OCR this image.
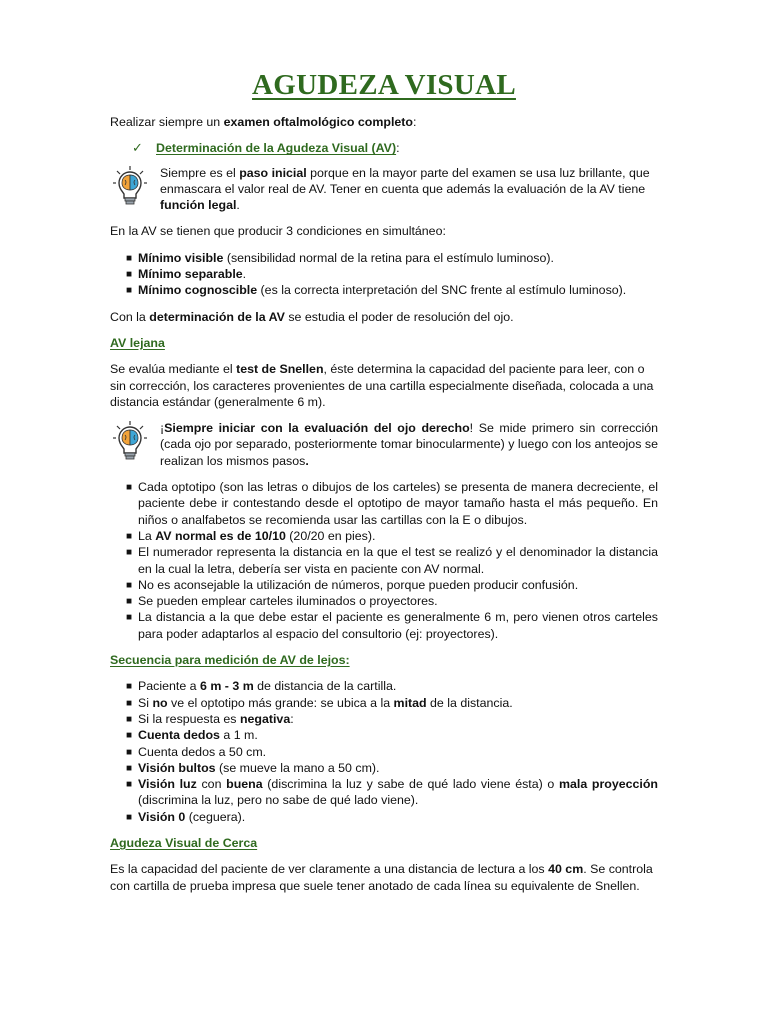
AGUDEZA VISUAL

Realizar siempre un examen oftalmológico completo:

✓	Determinación de la Agudeza Visual (AV) :

Siempre es el paso inicial porque en la mayor parte del examen se usa luz brillante, que enmascara el valor real de AV. Tener en cuenta que además la evaluación de la AV tiene función legal.

En la AV se tienen que producir 3 condiciones en simultáneo:

■ Mínimo visible (sensibilidad normal de la retina para el estímulo luminoso).
■ Mínimo separable.
■ Mínimo cognoscible (es la correcta interpretación del SNC frente al estímulo luminoso).

Con la determinación de la AV se estudia el poder de resolución del ojo.

AV lejana

Se evalúa mediante el test de Snellen, éste determina la capacidad del paciente para leer, con o sin corrección, los caracteres provenientes de una cartilla especialmente diseñada, colocada a una distancia estándar (generalmente 6 m).

¡Siempre iniciar con la evaluación del ojo derecho! Se mide primero sin corrección (cada ojo por separado, posteriormente tomar binocularmente) y luego con los anteojos se realizan los mismos pasos.

■ Cada optotipo (son las letras o dibujos de los carteles) se presenta de manera decreciente, el paciente debe ir contestando desde el optotipo de mayor tamaño hasta el más pequeño. En niños o analfabetos se recomienda usar las cartillas con la E o dibujos.
■ La AV normal es de 10/10 (20/20 en pies).
■ El numerador representa la distancia en la que el test se realizó y el denominador la distancia en la cual la letra, debería ser vista en paciente con AV normal.
■ No es aconsejable la utilización de números, porque pueden producir confusión.
■ Se pueden emplear carteles iluminados o proyectores.
■ La distancia a la que debe estar el paciente es generalmente 6 m, pero vienen otros carteles para poder adaptarlos al espacio del consultorio (ej: proyectores).

Secuencia para medición de AV de lejos:

■ Paciente a 6 m - 3 m de distancia de la cartilla.
■ Si no ve el optotipo más grande: se ubica a la mitad de la distancia.
■ Si la respuesta es negativa:
■ Cuenta dedos a 1 m.
■ Cuenta dedos a 50 cm.
■ Visión bultos (se mueve la mano a 50 cm).
■ Visión luz con buena (discrimina la luz y sabe de qué lado viene ésta) o mala proyección (discrimina la luz, pero no sabe de qué lado viene).
■ Visión 0 (ceguera).

Agudeza Visual de Cerca

Es la capacidad del paciente de ver claramente a una distancia de lectura a los 40 cm. Se controla con cartilla de prueba impresa que suele tener anotado de cada línea su equivalente de Snellen.
